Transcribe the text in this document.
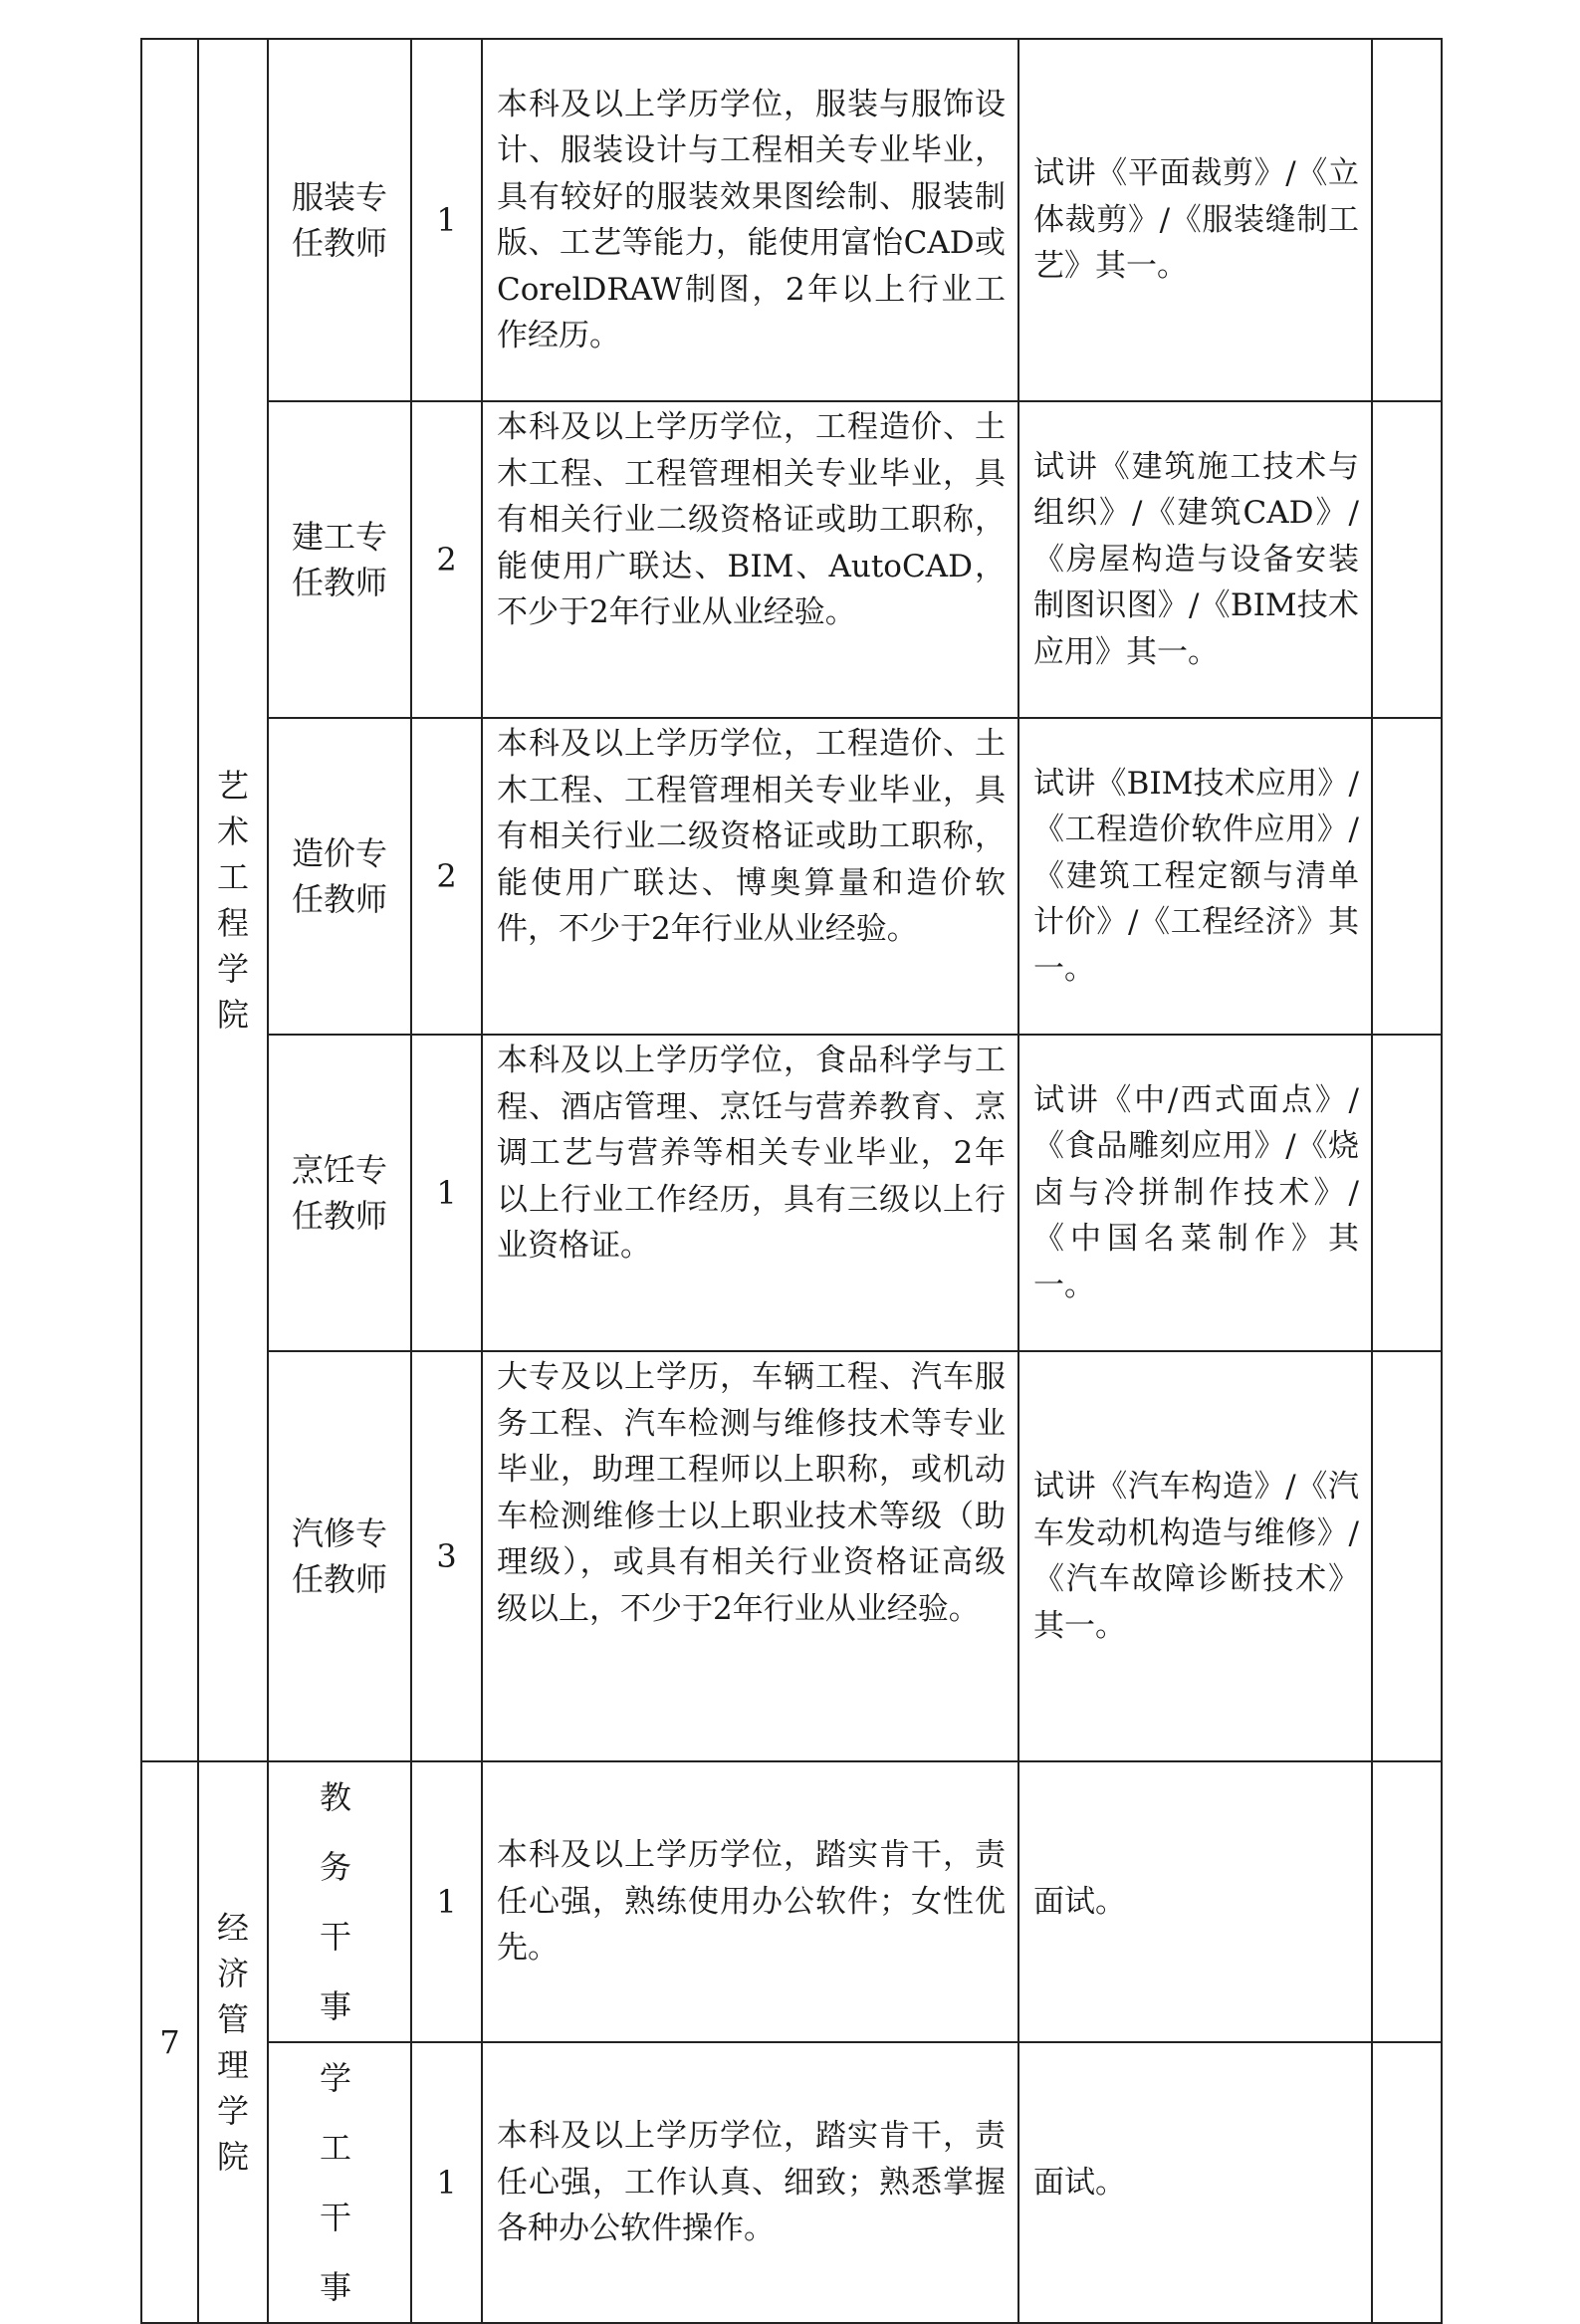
	艺术工程学院	服装专任教师	1	本科及以上学历学位，服装与服饰设计、服装设计与工程相关专业毕业，具有较好的服装效果图绘制、服装制版、工艺等能力，能使用富怡CAD或CorelDRAW制图，2年以上行业工作经历。	试讲《平面裁剪》/《立体裁剪》/《服装缝制工艺》其一。	
		建工专任教师	2	本科及以上学历学位，工程造价、土木工程、工程管理相关专业毕业，具有相关行业二级资格证或助工职称，能使用广联达、BIM、AutoCAD，不少于2年行业从业经验。	试讲《建筑施工技术与组织》/《建筑CAD》/《房屋构造与设备安装制图识图》/《BIM技术应用》其一。	
		造价专任教师	2	本科及以上学历学位，工程造价、土木工程、工程管理相关专业毕业，具有相关行业二级资格证或助工职称，能使用广联达、博奥算量和造价软件，不少于2年行业从业经验。	试讲《BIM技术应用》/《工程造价软件应用》/《建筑工程定额与清单计价》/《工程经济》其一。	
		烹饪专任教师	1	本科及以上学历学位，食品科学与工程、酒店管理、烹饪与营养教育、烹调工艺与营养等相关专业毕业，2年以上行业工作经历，具有三级以上行业资格证。	试讲《中/西式面点》/《食品雕刻应用》/《烧卤与冷拼制作技术》/《中国名菜制作》其一。	
		汽修专任教师	3	大专及以上学历，车辆工程、汽车服务工程、汽车检测与维修技术等专业毕业，助理工程师以上职称，或机动车检测维修士以上职业技术等级（助理级），或具有相关行业资格证高级级以上，不少于2年行业从业经验。	试讲《汽车构造》/《汽车发动机构造与维修》/《汽车故障诊断技术》其一。	
7	经济管理学院	教务干事	1	本科及以上学历学位，踏实肯干，责任心强，熟练使用办公软件；女性优先。	面试。	
		学工干事	1	本科及以上学历学位，踏实肯干，责任心强，工作认真、细致；熟悉掌握各种办公软件操作。	面试。	
